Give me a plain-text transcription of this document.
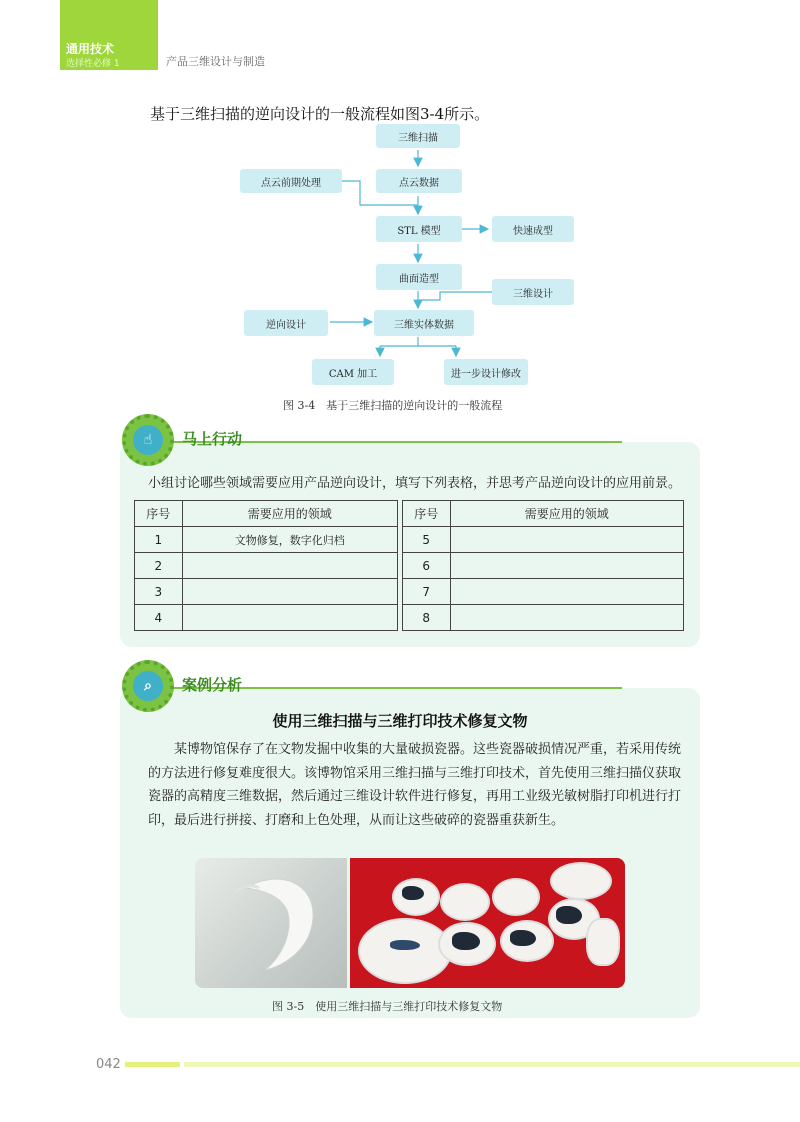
通用技术
选择性必修 1	产品三维设计与制造
基于三维扫描的逆向设计的一般流程如图3-4所示。
三维扫描
点云前期处理	点云数据
STL 模型	快速成型
曲面造型
三维设计
逆向设计	三维实体数据
CAM 加工	进一步设计修改
图 3-4　基于三维扫描的逆向设计的一般流程
☝	马上行动
小组讨论哪些领域需要应用产品逆向设计，填写下列表格，并思考产品逆向设计的应用前景。
序号	需要应用的领域
1	文物修复，数字化归档
2	
3	
4	
序号	需要应用的领域
5	
6	
7	
8	
⌕	案例分析
使用三维扫描与三维打印技术修复文物
某博物馆保存了在文物发掘中收集的大量破损瓷器。这些瓷器破损情况严重，若采用传统的方法进行修复难度很大。该博物馆采用三维扫描与三维打印技术，首先使用三维扫描仪获取瓷器的高精度三维数据，然后通过三维设计软件进行修复，再用工业级光敏树脂打印机进行打印，最后进行拼接、打磨和上色处理，从而让这些破碎的瓷器重获新生。
图 3-5　使用三维扫描与三维打印技术修复文物
042
